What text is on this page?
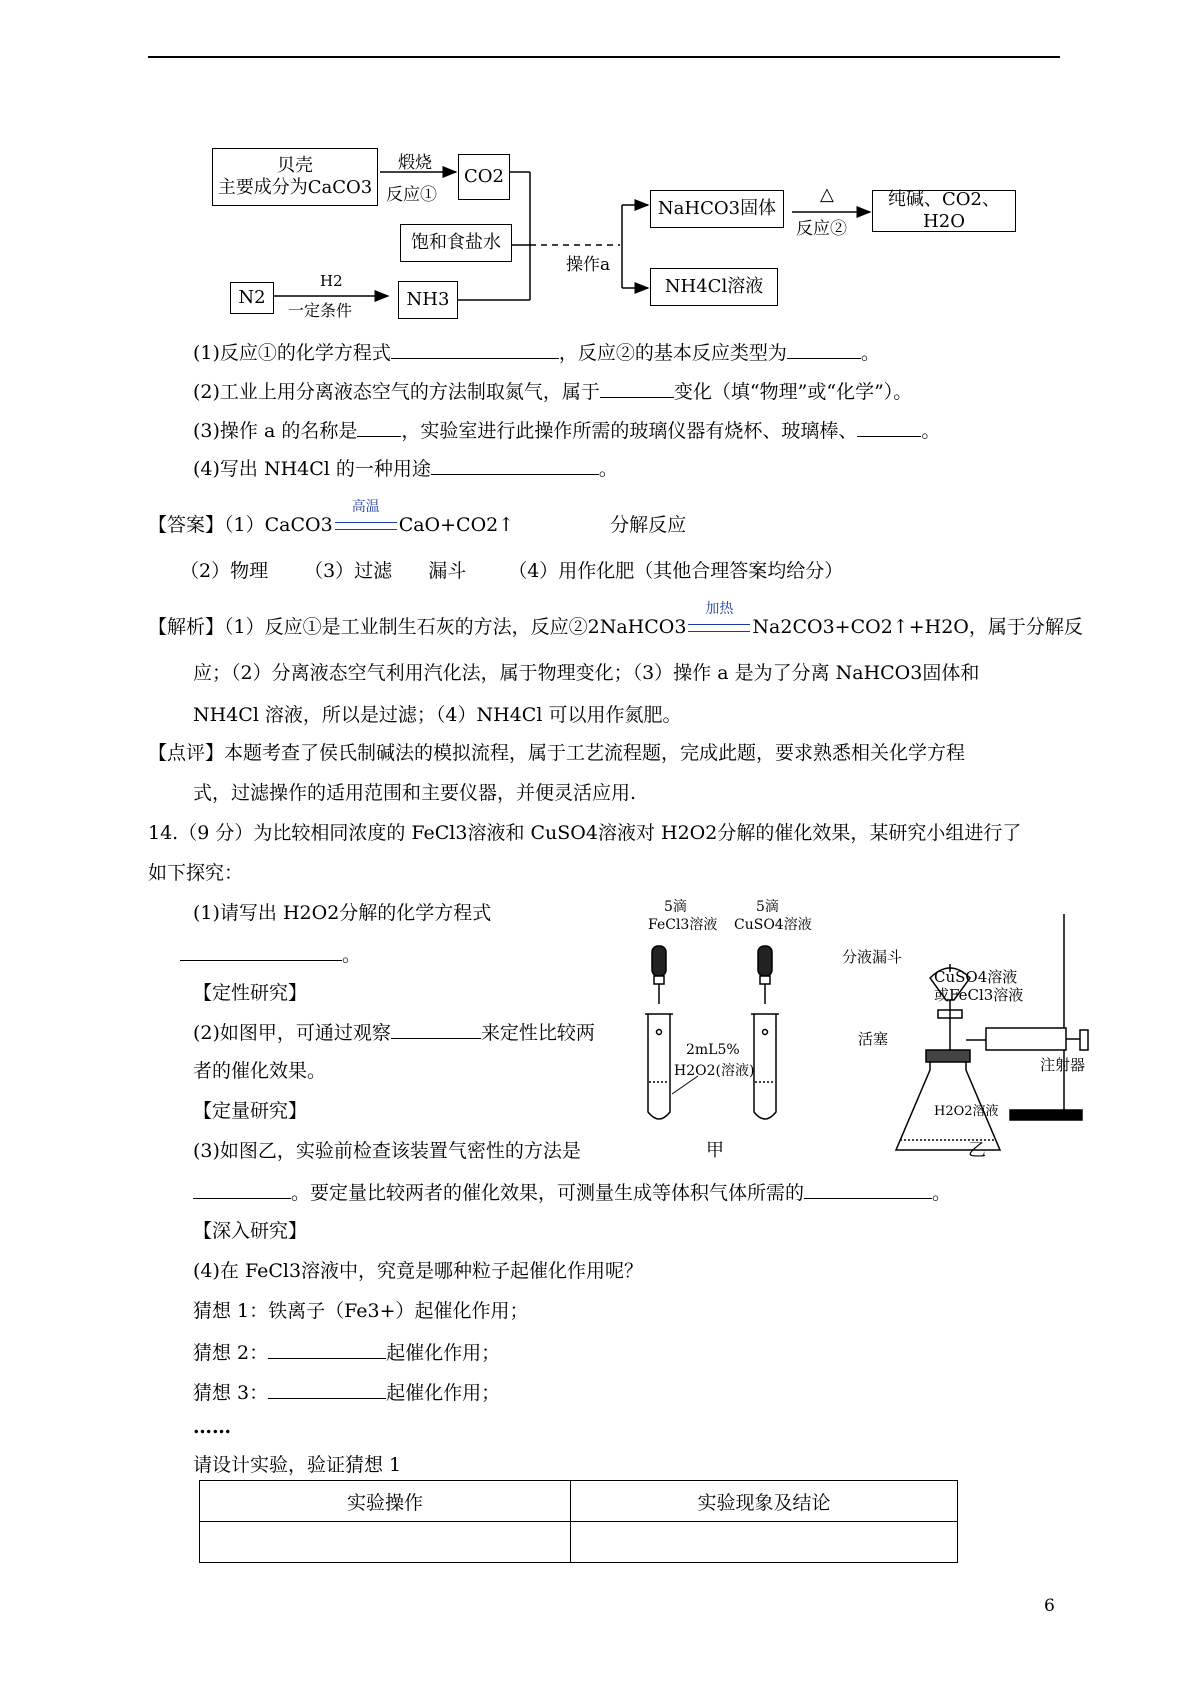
贝壳
主要成分为CaCO3
煅烧
反应①
CO2
饱和食盐水
N2
H2
一定条件
NH3
操作a
NaHCO3固体
△
反应②
纯碱、CO2、H2O
NH4Cl溶液
(1)反应①的化学方程式	，反应②的基本反应类型为	。
(2)工业上用分离液态空气的方法制取氮气，属于	变化（填“物理”或“化学”）。
(3)操作 a 的名称是 ，实验室进行此操作所需的玻璃仪器有烧杯、玻璃棒、	。
(4)写出 NH4Cl 的一种用途	。
【答案】（1）CaCO3
高温
CaO+CO2↑	分解反应
（2）物理 （3）过滤 漏斗 （4）用作化肥（其他合理答案均给分）
【解析】（1）反应①是工业制生石灰的方法，反应②2NaHCO3
加热
Na2CO3+CO2↑+H2O，属于分解反
应；（2）分离液态空气利用汽化法，属于物理变化；（3）操作 a 是为了分离 NaHCO3固体和
NH4Cl 溶液，所以是过滤；（4）NH4Cl 可以用作氮肥。
【点评】本题考查了侯氏制碱法的模拟流程，属于工艺流程题，完成此题，要求熟悉相关化学方程
式，过滤操作的适用范围和主要仪器，并便灵活应用.
14.（9 分）为比较相同浓度的 FeCl3溶液和 CuSO4溶液对 H2O2分解的催化效果，某研究小组进行了
如下探究：
(1)请写出 H2O2分解的化学方程式
。
【定性研究】
(2)如图甲，可通过观察	来定性比较两
者的催化效果。
【定量研究】
(3)如图乙，实验前检查该装置气密性的方法是
。要定量比较两者的催化效果，可测量生成等体积气体所需的	。
【深入研究】
(4)在 FeCl3溶液中，究竟是哪种粒子起催化作用呢？
猜想 1：铁离子（Fe3+）起催化作用；
猜想 2：	起催化作用；
猜想 3：	起催化作用；
……
请设计实验，验证猜想 1
5滴
FeCl3溶液
5滴
CuSO4溶液
2mL5%
H2O2(溶液)
甲
分液漏斗
CuSO4溶液
或FeCl3溶液
活塞
注射器
H2O2溶液
乙
实验操作	实验现象及结论

6
